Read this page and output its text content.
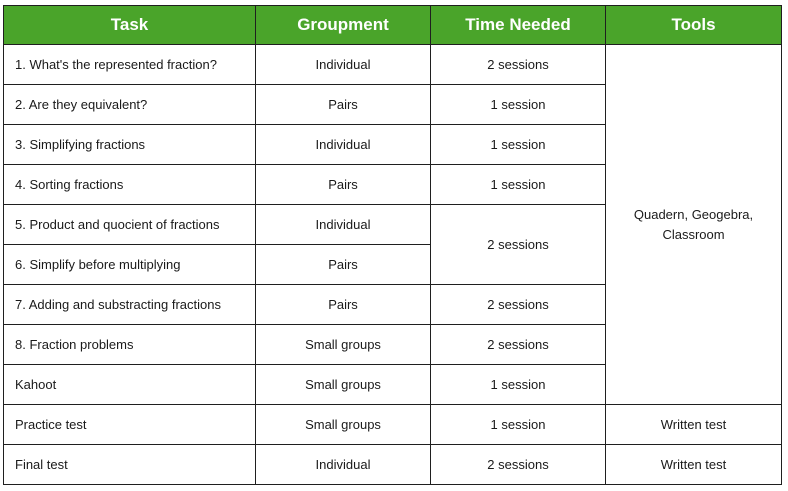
Task	Groupment	Time Needed	Tools
1. What's the represented fraction?	Individual	2 sessions	Quadern, Geogebra, Classroom
2. Are they equivalent?	Pairs	1 session	
3. Simplifying fractions	Individual	1 session	
4. Sorting fractions	Pairs	1 session	
5. Product and quocient of fractions	Individual	2 sessions	
6. Simplify before multiplying	Pairs		
7. Adding and substracting fractions	Pairs	2 sessions	
8. Fraction problems	Small groups	2 sessions	
Kahoot	Small groups	1 session	
Practice test	Small groups	1 session	Written test
Final test	Individual	2 sessions	Written test
